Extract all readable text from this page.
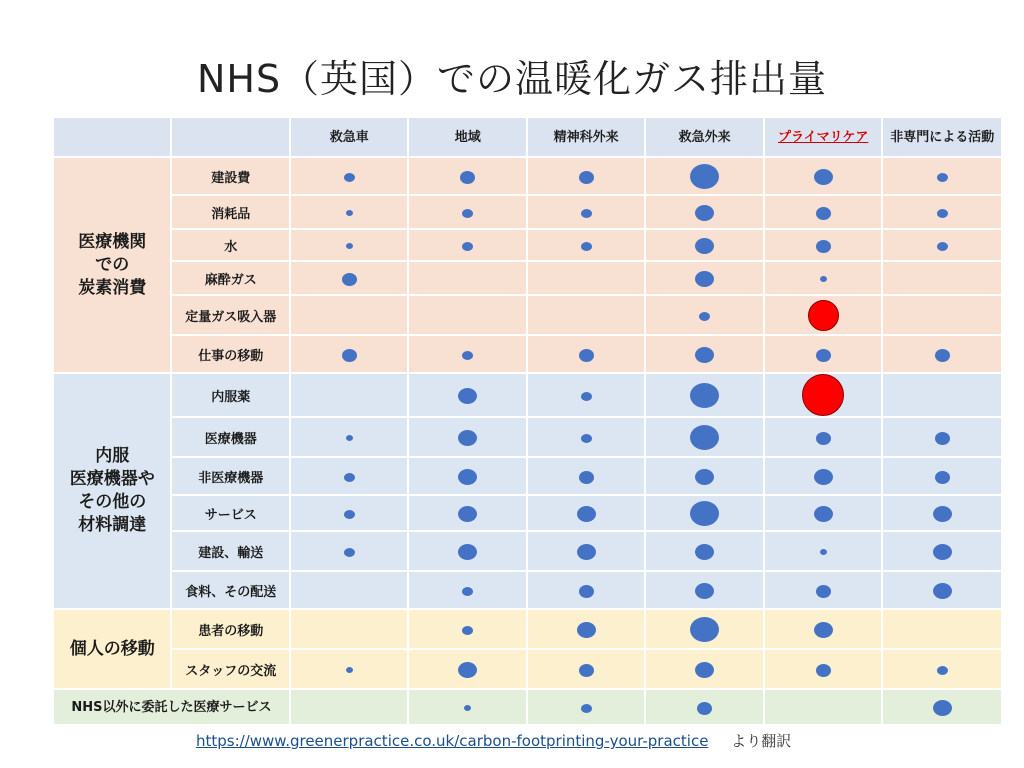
NHS（英国）での温暖化ガス排出量
		救急車	地域	精神科外来	救急外来	プライマリケア	非専門による活動
医療機関
での
炭素消費	建設費						
	消耗品						
	水						
	麻酔ガス						
	定量ガス吸入器						
	仕事の移動						
内服
医療機器や
その他の
材料調達	内服薬						
	医療機器						
	非医療機器						
	サービス						
	建設、輸送						
	食料、その配送						
個人の移動	患者の移動						
	スタッフの交流						
NHS以外に委託した医療サービス							
https://www.greenerpractice.co.uk/carbon-footprinting-your-practice より翻訳
